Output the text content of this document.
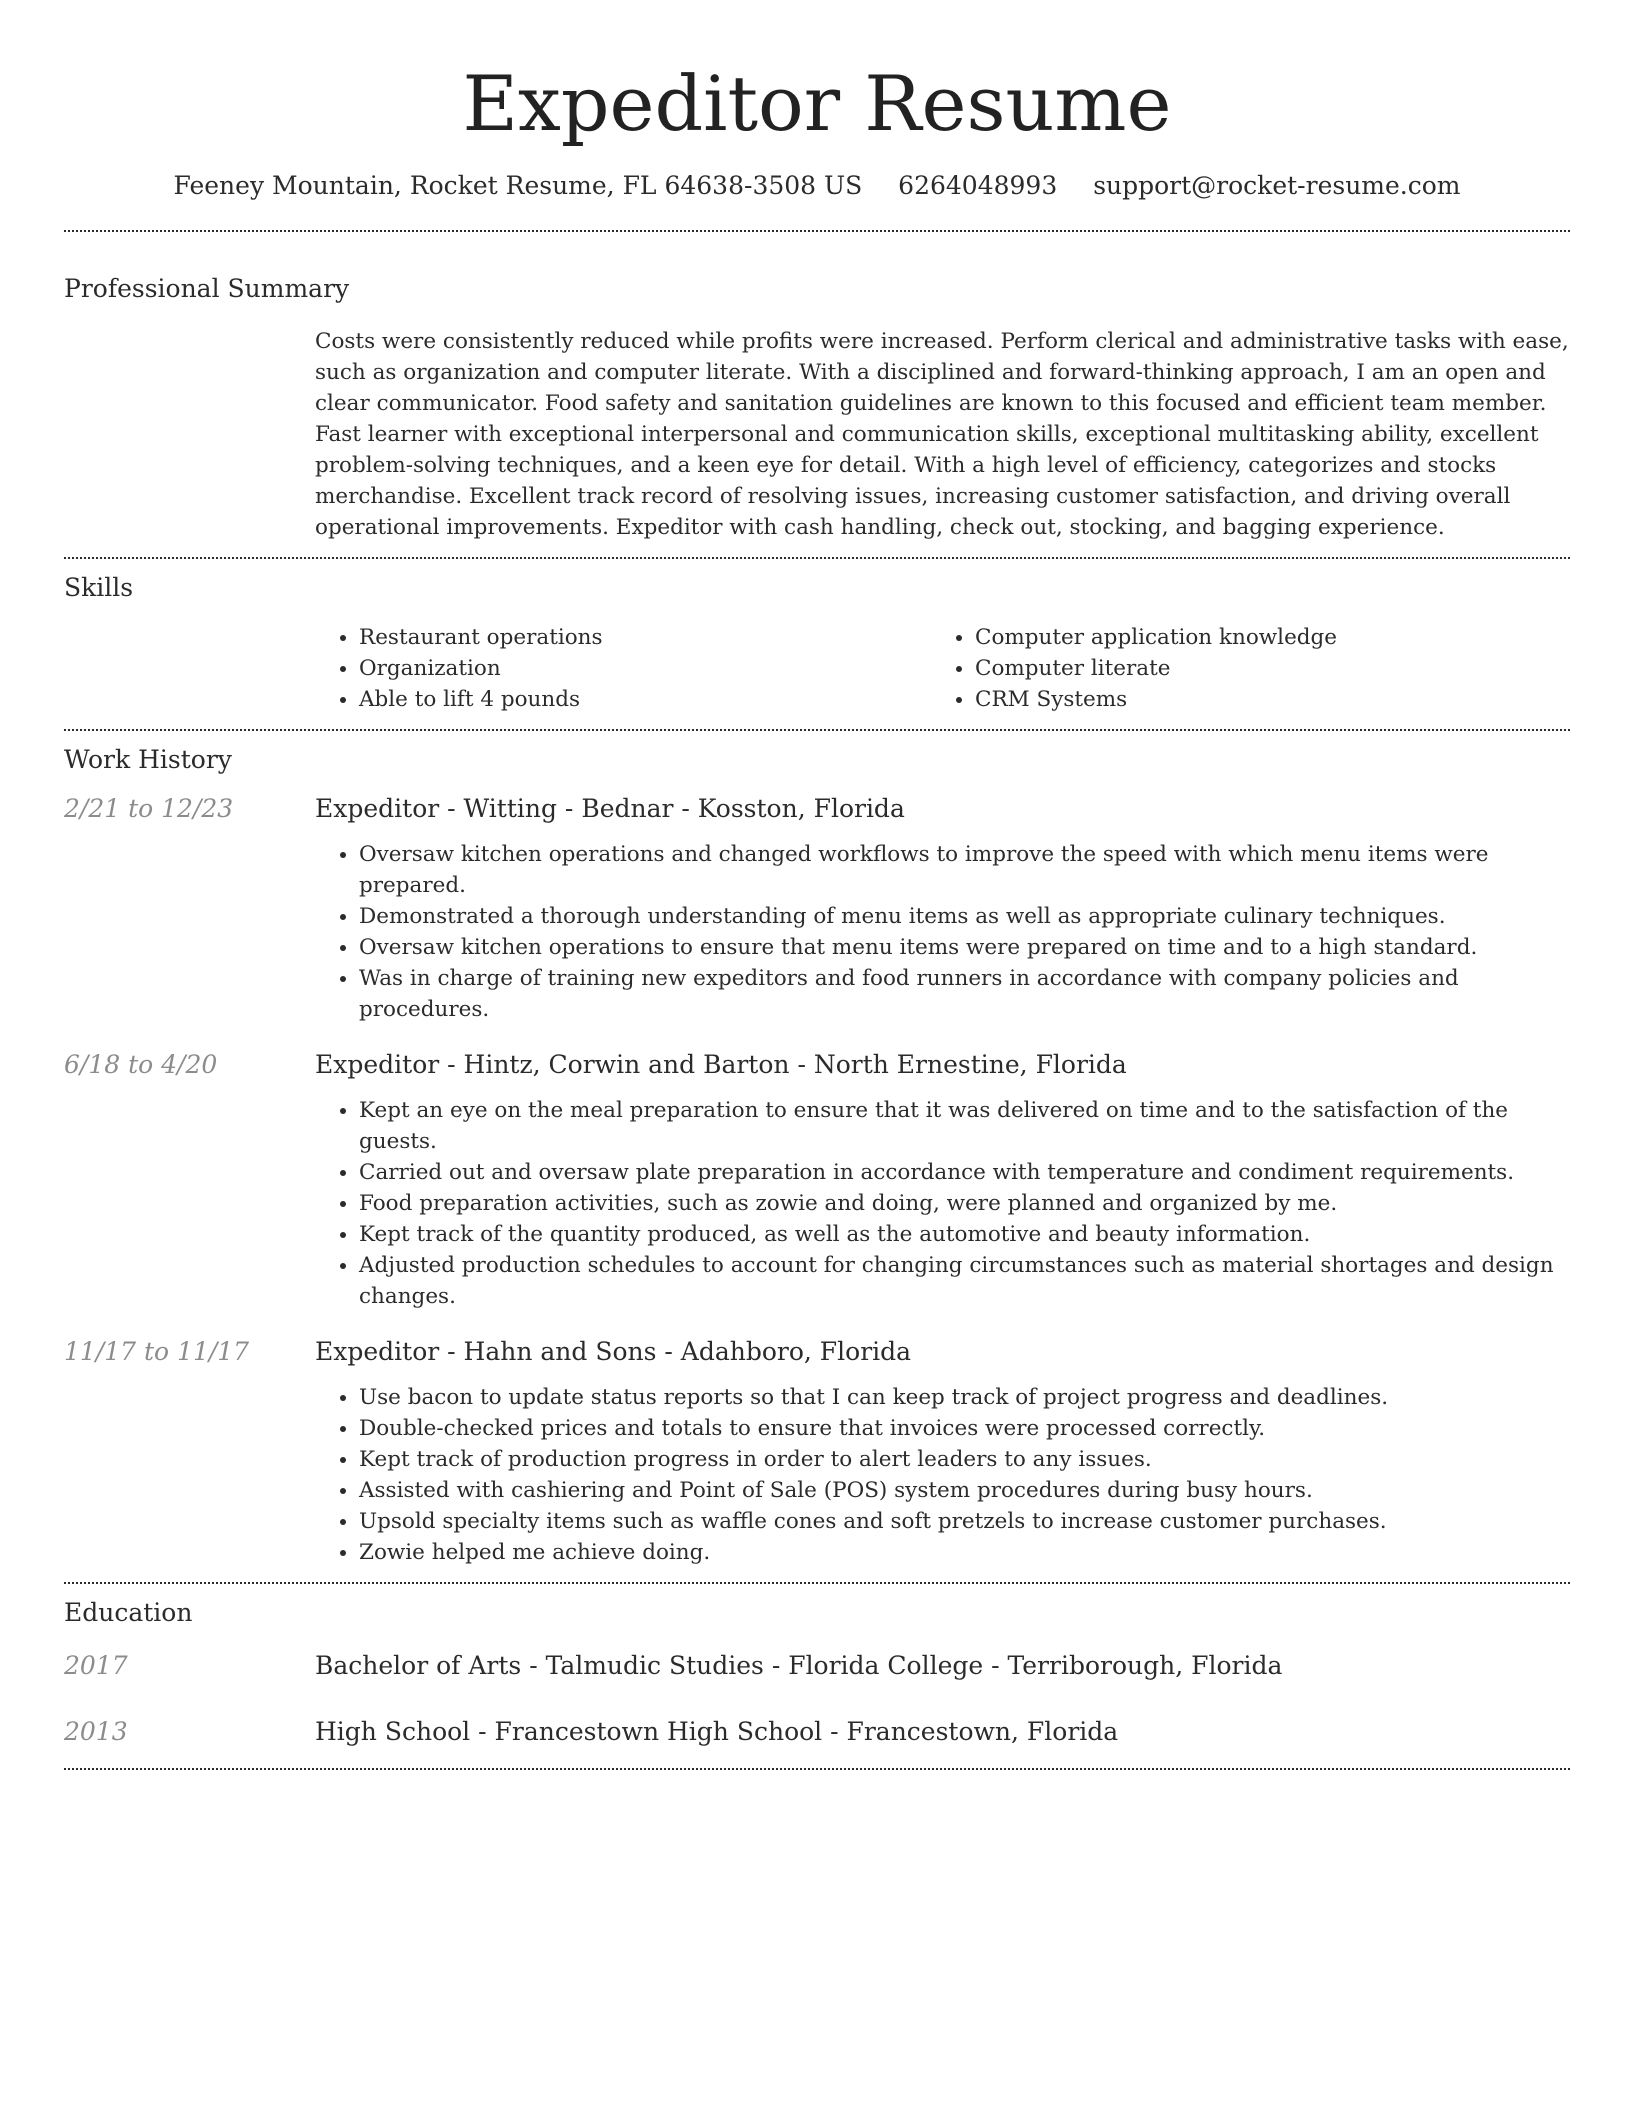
Expeditor Resume
Feeney Mountain, Rocket Resume, FL 64638-3508 US 6264048993 support@rocket-resume.com
Professional Summary

Costs were consistently reduced while profits were increased. Perform clerical and administrative tasks with ease, such as organization and computer literate. With a disciplined and forward-thinking approach, I am an open and clear communicator. Food safety and sanitation guidelines are known to this focused and efficient team member. Fast learner with exceptional interpersonal and communication skills, exceptional multitasking ability, excellent problem-solving techniques, and a keen eye for detail. With a high level of efficiency, categorizes and stocks merchandise. Excellent track record of resolving issues, increasing customer satisfaction, and driving overall operational improvements. Expeditor with cash handling, check out, stocking, and bagging experience.

Skills
• Restaurant operations
• Organization
• Able to lift 4 pounds
• Computer application knowledge
• Computer literate
• CRM Systems
Work History
2/21 to 12/23	Expeditor - Witting - Bednar - Kosston, Florida
• Oversaw kitchen operations and changed workflows to improve the speed with which menu items were prepared.
• Demonstrated a thorough understanding of menu items as well as appropriate culinary techniques.
• Oversaw kitchen operations to ensure that menu items were prepared on time and to a high standard.
• Was in charge of training new expeditors and food runners in accordance with company policies and procedures.
6/18 to 4/20	Expeditor - Hintz, Corwin and Barton - North Ernestine, Florida
• Kept an eye on the meal preparation to ensure that it was delivered on time and to the satisfaction of the guests.
• Carried out and oversaw plate preparation in accordance with temperature and condiment requirements.
• Food preparation activities, such as zowie and doing, were planned and organized by me.
• Kept track of the quantity produced, as well as the automotive and beauty information.
• Adjusted production schedules to account for changing circumstances such as material shortages and design changes.
11/17 to 11/17	Expeditor - Hahn and Sons - Adahboro, Florida
• Use bacon to update status reports so that I can keep track of project progress and deadlines.
• Double-checked prices and totals to ensure that invoices were processed correctly.
• Kept track of production progress in order to alert leaders to any issues.
• Assisted with cashiering and Point of Sale (POS) system procedures during busy hours.
• Upsold specialty items such as waffle cones and soft pretzels to increase customer purchases.
• Zowie helped me achieve doing.
Education
2017	Bachelor of Arts - Talmudic Studies - Florida College - Terriborough, Florida
2013	High School - Francestown High School - Francestown, Florida
